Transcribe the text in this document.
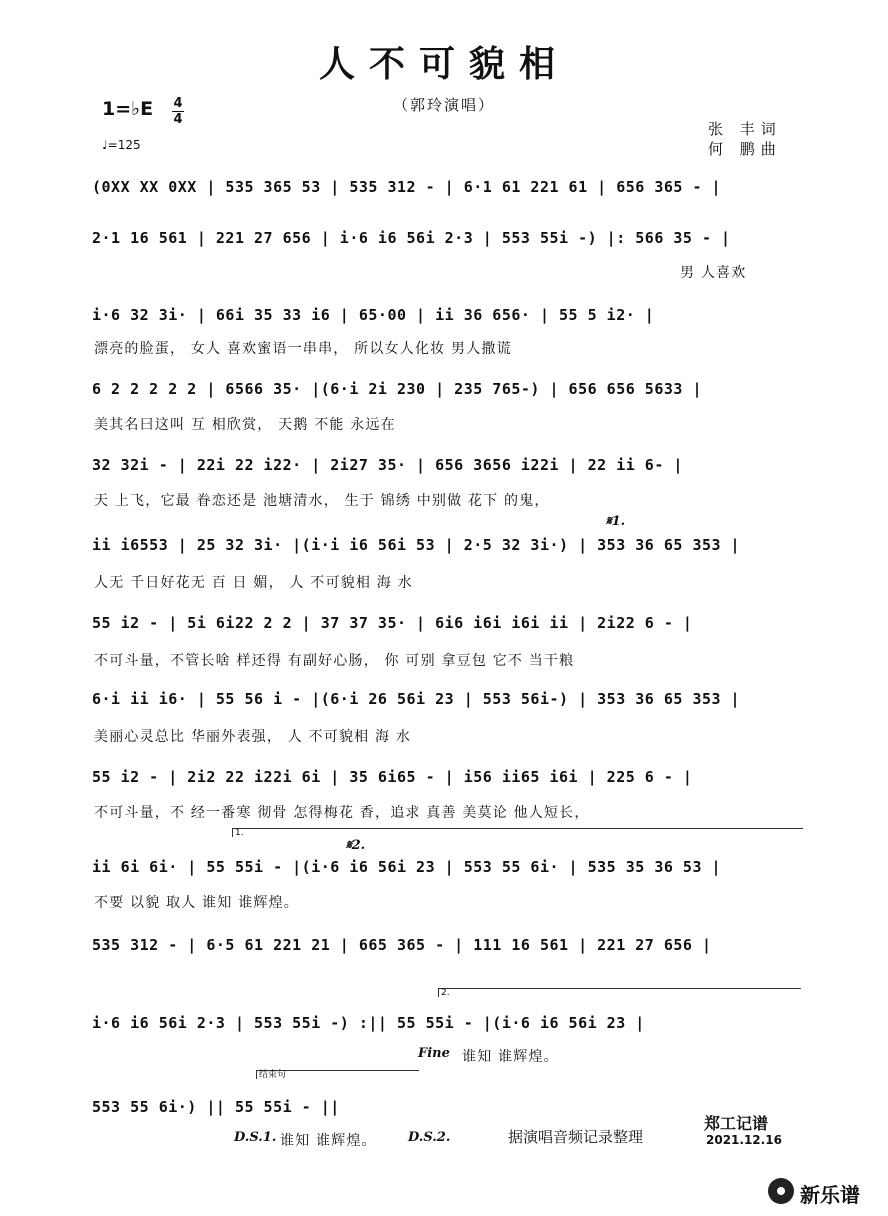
人不可貌相
（郭玲演唱）
1=♭E 4
4
♩=125
张 丰词
何 鹏曲
(0XX XX 0XX | 535 365 53 | 535 312 - | 6·1 61 221 61 | 656 365 - |
2·1 16 561 | 221 27 656 | i·6 i6 56i 2·3 | 553 55i -) |: 566 35 - |
男 人喜欢
i·6 32 3i· | 66i 35 33 i6 | 65·00 | ii 36 656· | 55 5 i2· |
漂亮的脸蛋， 女人 喜欢蜜语一串串， 所以女人化妆 男人撒谎
6 2 2 2 2 2 | 6566 35· |(6·i 2i 230 | 235 765-) | 656 656 5633 |
美其名曰这叫 互 相欣赏， 天鹅 不能 永远在
32 32i - | 22i 22 i22· | 2i27 35· | 656 3656 i22i | 22 ii 6- |
天 上飞，它最 眷恋还是 池塘清水， 生于 锦绣 中别做 花下 的鬼，
𝄋1.
ii i6553 | 25 32 3i· |(i·i i6 56i 53 | 2·5 32 3i·) | 353 36 65 353 |
人无 千日好花无 百 日 媚， 人 不可貌相 海 水
55 i2 - | 5i 6i22 2 2 | 37 37 35· | 6i6 i6i i6i ii | 2i22 6 - |
不可斗量，不管长啥 样还得 有副好心肠， 你 可别 拿豆包 它不 当干粮
6·i ii i6· | 55 56 i - |(6·i 26 56i 23 | 553 56i-) | 353 36 65 353 |
美丽心灵总比 华丽外表强， 人 不可貌相 海 水
55 i2 - | 2i2 22 i22i 6i | 35 6i65 - | i56 ii65 i6i | 225 6 - |
不可斗量，不 经一番寒 彻骨 怎得梅花 香，追求 真善 美莫论 他人短长，
1.
𝄋2.
ii 6i 6i· | 55 55i - |(i·6 i6 56i 23 | 553 55 6i· | 535 35 36 53 |
不要 以貌 取人 谁知 谁辉煌。
535 312 - | 6·5 61 221 21 | 665 365 - | 111 16 561 | 221 27 656 |
2.
i·6 i6 56i 2·3 | 553 55i -) :|| 55 55i - |(i·6 i6 56i 23 |
Fine 谁知 谁辉煌。
结束句
553 55 6i·) || 55 55i - ||
D.S.1. 谁知 谁辉煌。 D.S.2.	据演唱音频记录整理
郑工记谱
2021.12.16
新乐谱
